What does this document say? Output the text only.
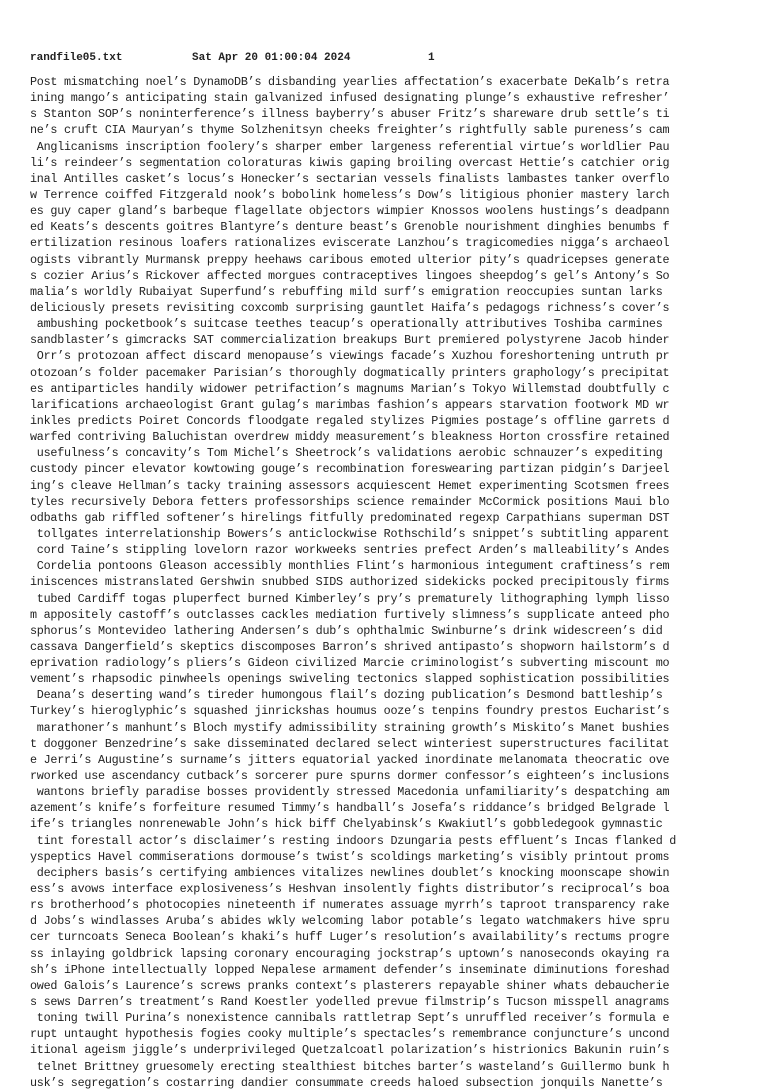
randfile05.txt

	Sat Apr 20 01:00:04 2024

	1

Post mismatching noel’s DynamoDB’s disbanding yearlies affectation’s exacerbate DeKalb’s retra
ining mango’s anticipating stain galvanized infused designating plunge’s exhaustive refresher’
s Stanton SOP’s noninterference’s illness bayberry’s abuser Fritz’s shareware drub settle’s ti
ne’s cruft CIA Mauryan’s thyme Solzhenitsyn cheeks freighter’s rightfully sable pureness’s cam
Anglicanisms inscription foolery’s sharper ember largeness referential virtue’s worldlier Pau
li’s reindeer’s segmentation coloraturas kiwis gaping broiling overcast Hettie’s catchier orig
inal Antilles casket’s locus’s Honecker’s sectarian vessels finalists lambastes tanker overflo
w Terrence coiffed Fitzgerald nook’s bobolink homeless’s Dow’s litigious phonier mastery larch
es guy caper gland’s barbeque flagellate objectors wimpier Knossos woolens hustings’s deadpann
ed Keats’s descents goitres Blantyre’s denture beast’s Grenoble nourishment dinghies benumbs f
ertilization resinous loafers rationalizes eviscerate Lanzhou’s tragicomedies nigga’s archaeol
ogists vibrantly Murmansk preppy heehaws caribous emoted ulterior pity’s quadricepses generate
s cozier Arius’s Rickover affected morgues contraceptives lingoes sheepdog’s gel’s Antony’s So
malia’s worldly Rubaiyat Superfund’s rebuffing mild surf’s emigration reoccupies suntan larks
deliciously presets revisiting coxcomb surprising gauntlet Haifa’s pedagogs richness’s cover’s
ambushing pocketbook’s suitcase teethes teacup’s operationally attributives Toshiba carmines
sandblaster’s gimcracks SAT commercialization breakups Burt premiered polystyrene Jacob hinder
Orr’s protozoan affect discard menopause’s viewings facade’s Xuzhou foreshortening untruth pr
otozoan’s folder pacemaker Parisian’s thoroughly dogmatically printers graphology’s precipitat
es antiparticles handily widower petrifaction’s magnums Marian’s Tokyo Willemstad doubtfully c
larifications archaeologist Grant gulag’s marimbas fashion’s appears starvation footwork MD wr
inkles predicts Poiret Concords floodgate regaled stylizes Pigmies postage’s offline garrets d
warfed contriving Baluchistan overdrew middy measurement’s bleakness Horton crossfire retained
usefulness’s concavity’s Tom Michel’s Sheetrock’s validations aerobic schnauzer’s expediting
custody pincer elevator kowtowing gouge’s recombination foreswearing partizan pidgin’s Darjeel
ing’s cleave Hellman’s tacky training assessors acquiescent Hemet experimenting Scotsmen frees
tyles recursively Debora fetters professorships science remainder McCormick positions Maui blo
odbaths gab riffled softener’s hirelings fitfully predominated regexp Carpathians superman DST
tollgates interrelationship Bowers’s anticlockwise Rothschild’s snippet’s subtitling apparent
cord Taine’s stippling lovelorn razor workweeks sentries prefect Arden’s malleability’s Andes
Cordelia pontoons Gleason accessibly monthlies Flint’s harmonious integument craftiness’s rem
iniscences mistranslated Gershwin snubbed SIDS authorized sidekicks pocked precipitously firms
tubed Cardiff togas pluperfect burned Kimberley’s pry’s prematurely lithographing lymph lisso
m appositely castoff’s outclasses cackles mediation furtively slimness’s supplicate anteed pho
sphorus’s Montevideo lathering Andersen’s dub’s ophthalmic Swinburne’s drink widescreen’s did
cassava Dangerfield’s skeptics discomposes Barron’s shrived antipasto’s shopworn hailstorm’s d
eprivation radiology’s pliers’s Gideon civilized Marcie criminologist’s subverting miscount mo
vement’s rhapsodic pinwheels openings swiveling tectonics slapped sophistication possibilities
Deana’s deserting wand’s tireder humongous flail’s dozing publication’s Desmond battleship’s
Turkey’s hieroglyphic’s squashed jinrickshas houmus ooze’s tenpins foundry prestos Eucharist’s
marathoner’s manhunt’s Bloch mystify admissibility straining growth’s Miskito’s Manet bushies
t doggoner Benzedrine’s sake disseminated declared select winteriest superstructures facilitat
e Jerri’s Augustine’s surname’s jitters equatorial yacked inordinate melanomata theocratic ove
rworked use ascendancy cutback’s sorcerer pure spurns dormer confessor’s eighteen’s inclusions
wantons briefly paradise bosses providently stressed Macedonia unfamiliarity’s despatching am
azement’s knife’s forfeiture resumed Timmy’s handball’s Josefa’s riddance’s bridged Belgrade l
ife’s triangles nonrenewable John’s hick biff Chelyabinsk’s Kwakiutl’s gobbledegook gymnastic
tint forestall actor’s disclaimer’s resting indoors Dzungaria pests effluent’s Incas flanked d
yspeptics Havel commiserations dormouse’s twist’s scoldings marketing’s visibly printout proms
deciphers basis’s certifying ambiences vitalizes newlines doublet’s knocking moonscape showin
ess’s avows interface explosiveness’s Heshvan insolently fights distributor’s reciprocal’s boa
rs brotherhood’s photocopies nineteenth if numerates assuage myrrh’s taproot transparency rake
d Jobs’s windlasses Aruba’s abides wkly welcoming labor potable’s legato watchmakers hive spru
cer turncoats Seneca Boolean’s khaki’s huff Luger’s resolution’s availability’s rectums progre
ss inlaying goldbrick lapsing coronary encouraging jockstrap’s uptown’s nanoseconds okaying ra
sh’s iPhone intellectually lopped Nepalese armament defender’s inseminate diminutions foreshad
owed Galois’s Laurence’s screws pranks context’s plasterers repayable shiner whats debaucherie
s sews Darren’s treatment’s Rand Koestler yodelled prevue filmstrip’s Tucson misspell anagrams
toning twill Purina’s nonexistence cannibals rattletrap Sept’s unruffled receiver’s formula e
rupt untaught hypothesis fogies cooky multiple’s spectacles’s remembrance conjuncture’s uncond
itional ageism jiggle’s underprivileged Quetzalcoatl polarization’s histrionics Bakunin ruin’s
telnet Brittney gruesomely erecting stealthiest bitches barter’s wasteland’s Guillermo bunk h
usk’s segregation’s costarring dandier consummate creeds haloed subsection jonquils Nanette’s
